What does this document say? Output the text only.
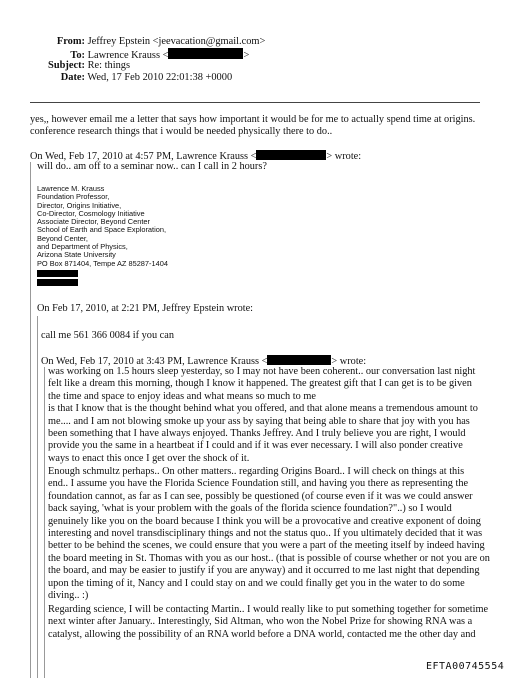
From: Jeffrey Epstein <jeevacation@gmail.com>
To: Lawrence Krauss <	>
Subject: Re: things
Date: Wed, 17 Feb 2010 22:01:38 +0000
yes,, however email me a letter that says how important it would be for me to actually spend time at origins.
conference research things that i would be needed physically there to do..
On Wed, Feb 17, 2010 at 4:57 PM, Lawrence Krauss <	> wrote:
will do.. am off to a seminar now.. can I call in 2 hours?
Lawrence M. Krauss
Foundation Professor,
Director, Origins Initiative,
Co-Director, Cosmology Initiative
Associate Director, Beyond Center
School of Earth and Space Exploration,
Beyond Center,
and Department of Physics,
Arizona State University
PO Box 871404, Tempe AZ 85287-1404
On Feb 17, 2010, at 2:21 PM, Jeffrey Epstein wrote:
call me 561 366 0084 if you can
On Wed, Feb 17, 2010 at 3:43 PM, Lawrence Krauss <	> wrote:
was working on 1.5 hours sleep yesterday, so I may not have been coherent.. our conversation last night
felt like a dream this morning, though I know it happened. The greatest gift that I can get is to be given
the time and space to enjoy ideas and what means so much to me
is that I know that is the thought behind what you offered, and that alone means a tremendous amount to
me.... and I am not blowing smoke up your ass by saying that being able to share that joy with you has
been something that I have always enjoyed. Thanks Jeffrey. And I truly believe you are right, I would
provide you the same in a heartbeat if I could and if it was ever necessary. I will also ponder creative
ways to enact this once I get over the shock of it.
Enough schmultz perhaps.. On other matters.. regarding Origins Board.. I will check on things at this
end.. I assume you have the Florida Science Foundation still, and having you there as representing the
foundation cannot, as far as I can see, possibly be questioned (of course even if it was we could answer
back saying, 'what is your problem with the goals of the florida science foundation?"..) so I would
genuinely like you on the board because I think you will be a provocative and creative exponent of doing
interesting and novel transdisciplinary things and not the status quo.. If you ultimately decided that it was
better to be behind the scenes, we could ensure that you were a part of the meeting itself by indeed having
the board meeting in St. Thomas with you as our host.. (that is possible of course whether or not you are on
the board, and may be easier to justify if you are anyway) and it occurred to me last night that depending
upon the timing of it, Nancy and I could stay on and we could finally get you in the water to do some
diving.. :)
Regarding science, I will be contacting Martin.. I would really like to put something together for sometime
next winter after January.. Interestingly, Sid Altman, who won the Nobel Prize for showing RNA was a
catalyst, allowing the possibility of an RNA world before a DNA world, contacted me the other day and
EFTA00745554
